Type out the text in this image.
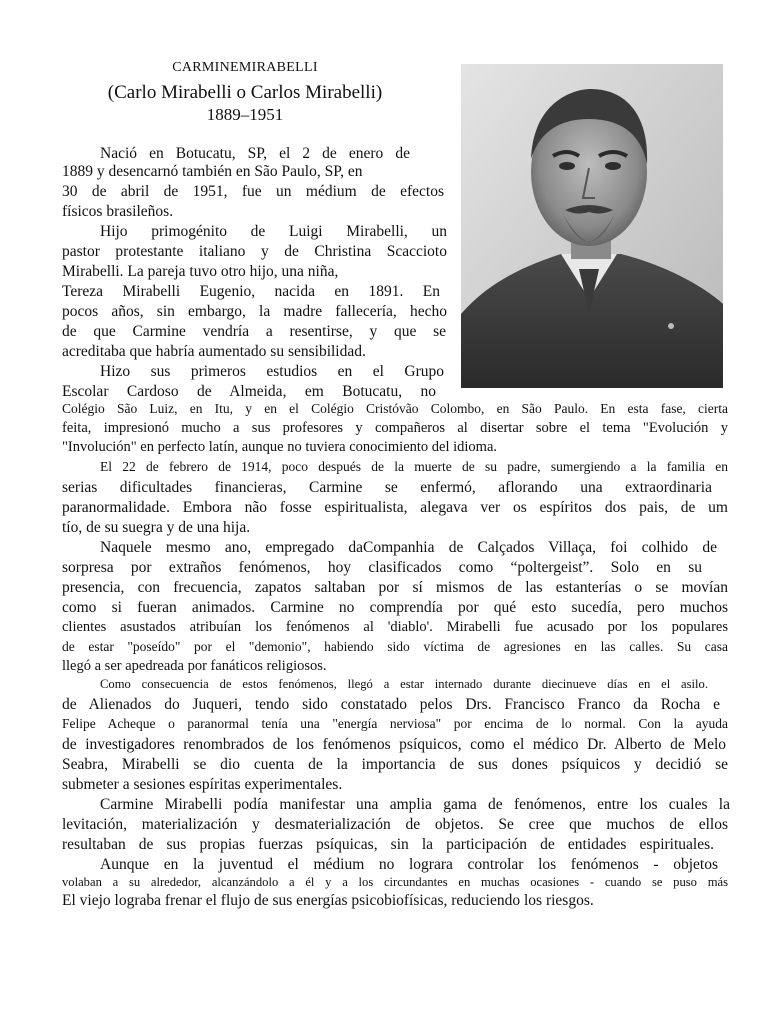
CARMINEMIRABELLI
(Carlo Mirabelli o Carlos Mirabelli)
1889–1951
Nació en Botucatu, SP, el 2 de enero de
1889 y desencarnó también en São Paulo, SP, en
30 de abril de 1951, fue un médium de efectos
físicos brasileños.
Hijo primogénito de Luigi Mirabelli, un
pastor protestante italiano y de Christina Scaccioto
Mirabelli. La pareja tuvo otro hijo, una niña,
Tereza Mirabelli Eugenio, nacida en 1891. En
pocos años, sin embargo, la madre fallecería, hecho
de que Carmine vendría a resentirse, y que se
acreditaba que habría aumentado su sensibilidad.
Hizo sus primeros estudios en el Grupo
Escolar Cardoso de Almeida, em Botucatu, no
Colégio São Luiz, en Itu, y en el Colégio Cristóvão Colombo, en São Paulo. En esta fase, cierta
feita, impresionó mucho a sus profesores y compañeros al disertar sobre el tema "Evolución y
"Involución" en perfecto latín, aunque no tuviera conocimiento del idioma.
El 22 de febrero de 1914, poco después de la muerte de su padre, sumergiendo a la familia en
serias dificultades financieras, Carmine se enfermó, aflorando una extraordinaria
paranormalidade. Embora não fosse espiritualista, alegava ver os espíritos dos pais, de um
tío, de su suegra y de una hija.
Naquele mesmo ano, empregado daCompanhia de Calçados Villaça, foi colhido de
sorpresa por extraños fenómenos, hoy clasificados como “poltergeist”. Solo en su
presencia, con frecuencia, zapatos saltaban por sí mismos de las estanterías o se movían
como si fueran animados. Carmine no comprendía por qué esto sucedía, pero muchos
clientes asustados atribuían los fenómenos al 'diablo'. Mirabelli fue acusado por los populares
de estar "poseído" por el "demonio", habiendo sido víctima de agresiones en las calles. Su casa
llegó a ser apedreada por fanáticos religiosos.
Como consecuencia de estos fenómenos, llegó a estar internado durante diecinueve días en el asilo.
de Alienados do Juqueri, tendo sido constatado pelos Drs. Francisco Franco da Rocha e
Felipe Acheque o paranormal tenía una "energía nerviosa" por encima de lo normal. Con la ayuda
de investigadores renombrados de los fenómenos psíquicos, como el médico Dr. Alberto de Melo
Seabra, Mirabelli se dio cuenta de la importancia de sus dones psíquicos y decidió se
submeter a sesiones espíritas experimentales.
Carmine Mirabelli podía manifestar una amplia gama de fenómenos, entre los cuales la
levitación, materialización y desmaterialización de objetos. Se cree que muchos de ellos
resultaban de sus propias fuerzas psíquicas, sin la participación de entidades espirituales.
Aunque en la juventud el médium no lograra controlar los fenómenos - objetos
volaban a su alrededor, alcanzándolo a él y a los circundantes en muchas ocasiones - cuando se puso más
El viejo lograba frenar el flujo de sus energías psicobiofísicas, reduciendo los riesgos.
